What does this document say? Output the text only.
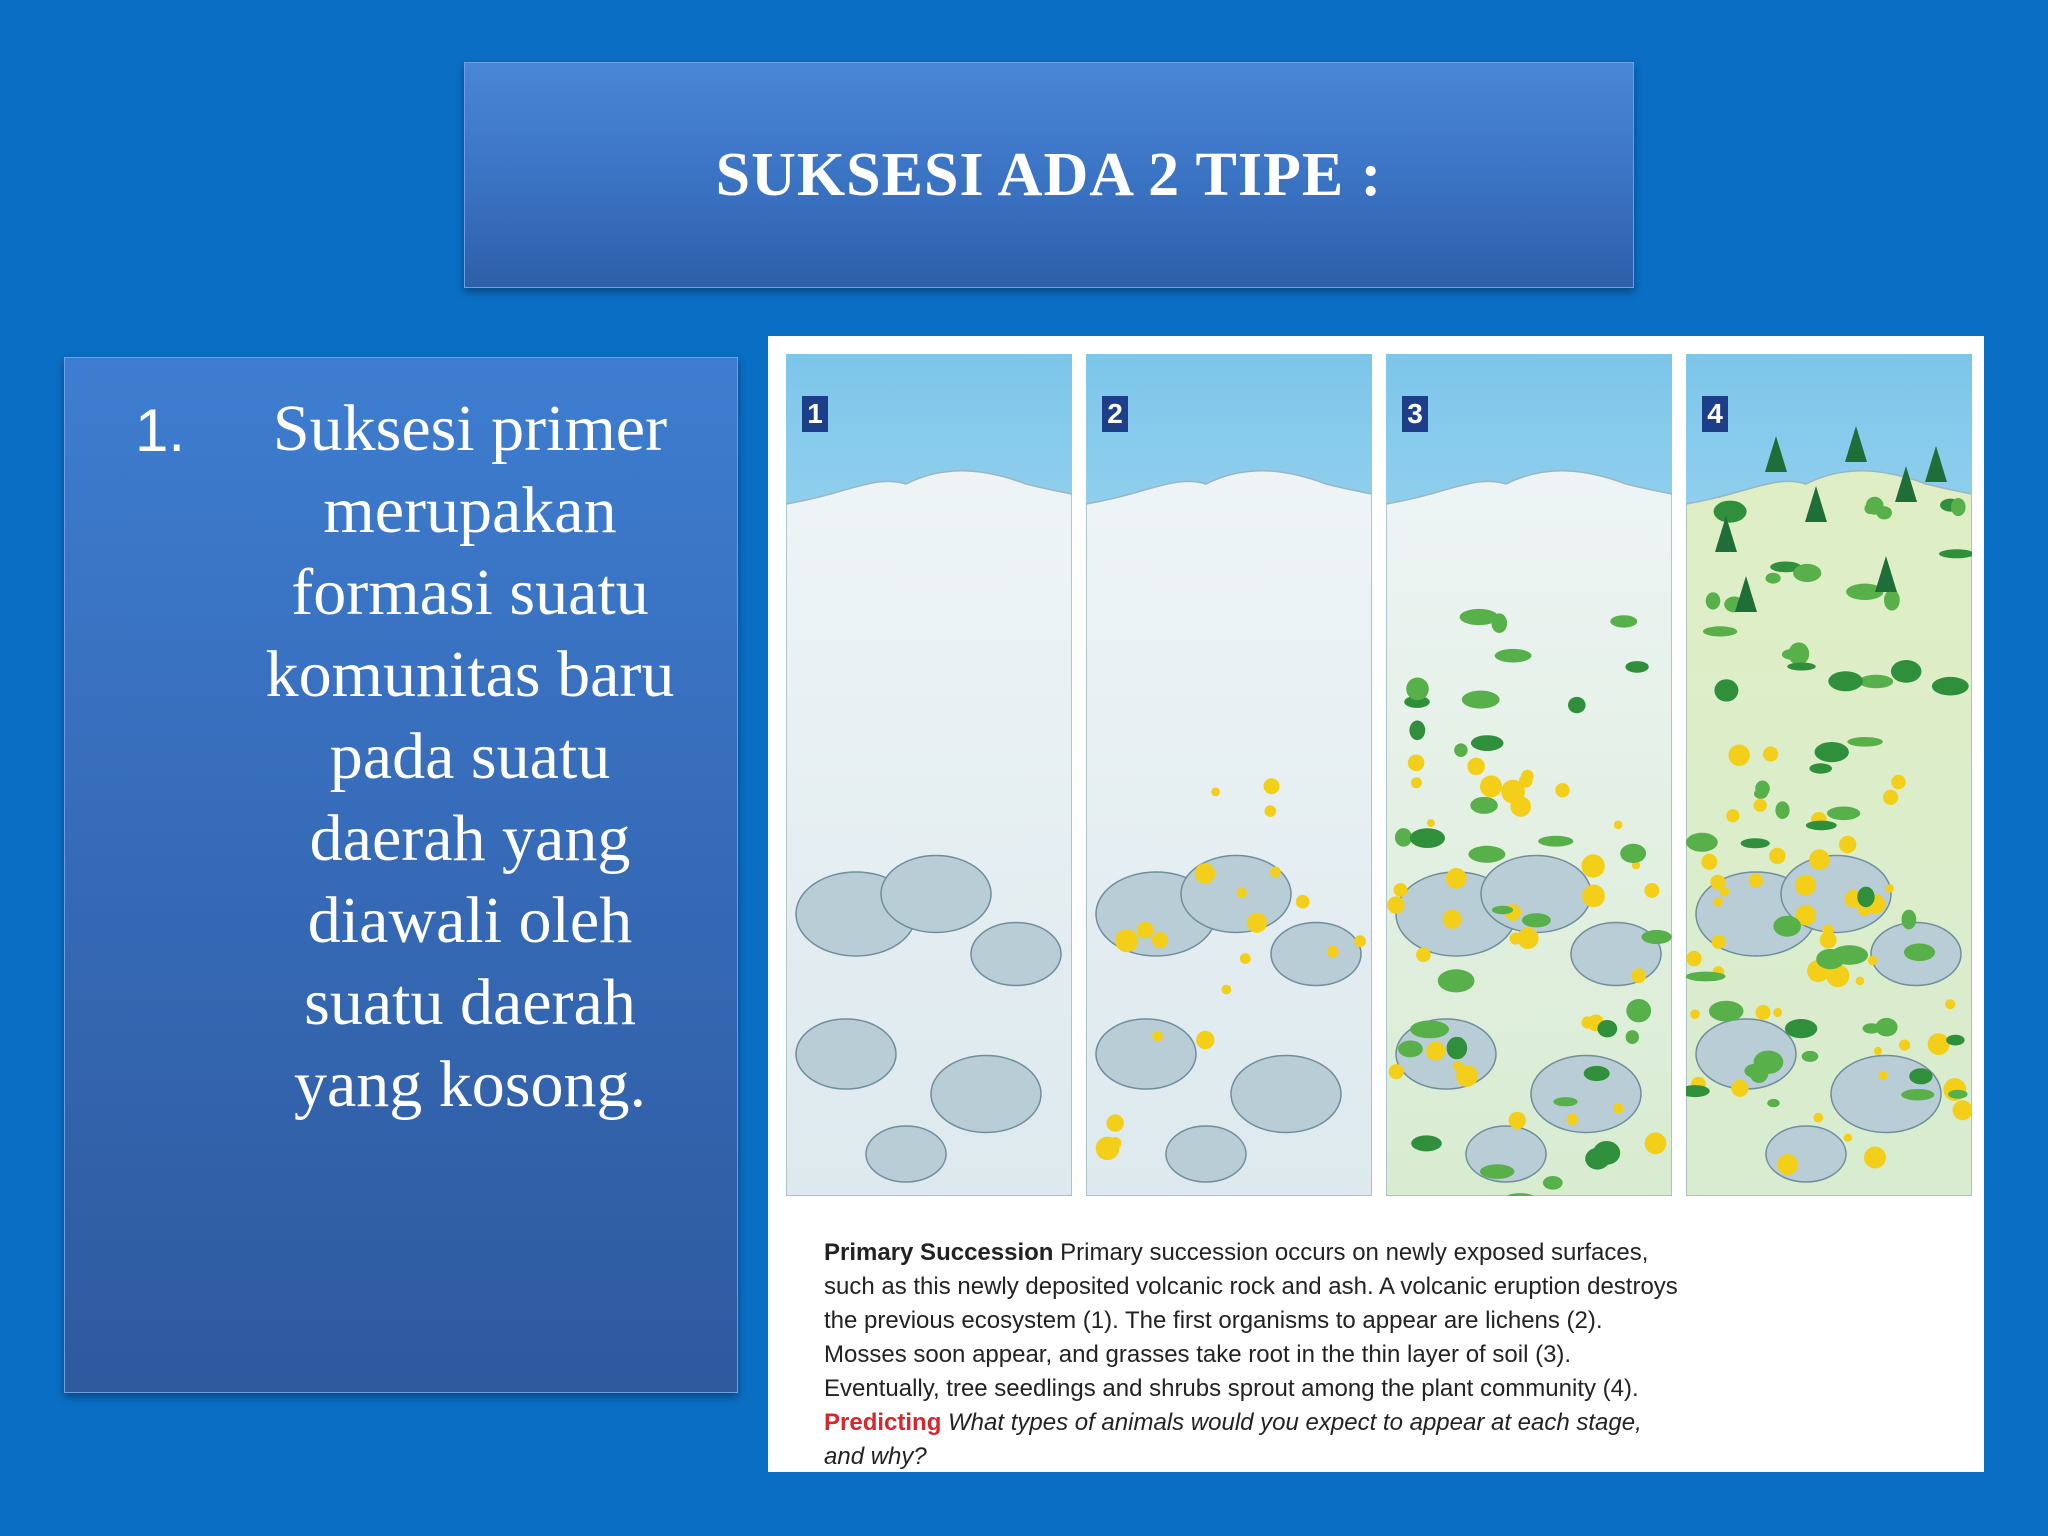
SUKSESI ADA 2 TIPE :
1.	Suksesi primer
merupakan
formasi suatu
komunitas baru
pada suatu
daerah yang
diawali oleh
suatu daerah
yang kosong.
1	2	3	4
Primary Succession Primary succession occurs on newly exposed surfaces, such as this newly deposited volcanic rock and ash. A volcanic eruption destroys the previous ecosystem (1). The first organisms to appear are lichens (2). Mosses soon appear, and grasses take root in the thin layer of soil (3). Eventually, tree seedlings and shrubs sprout among the plant community (4). Predicting What types of animals would you expect to appear at each stage, and why?
